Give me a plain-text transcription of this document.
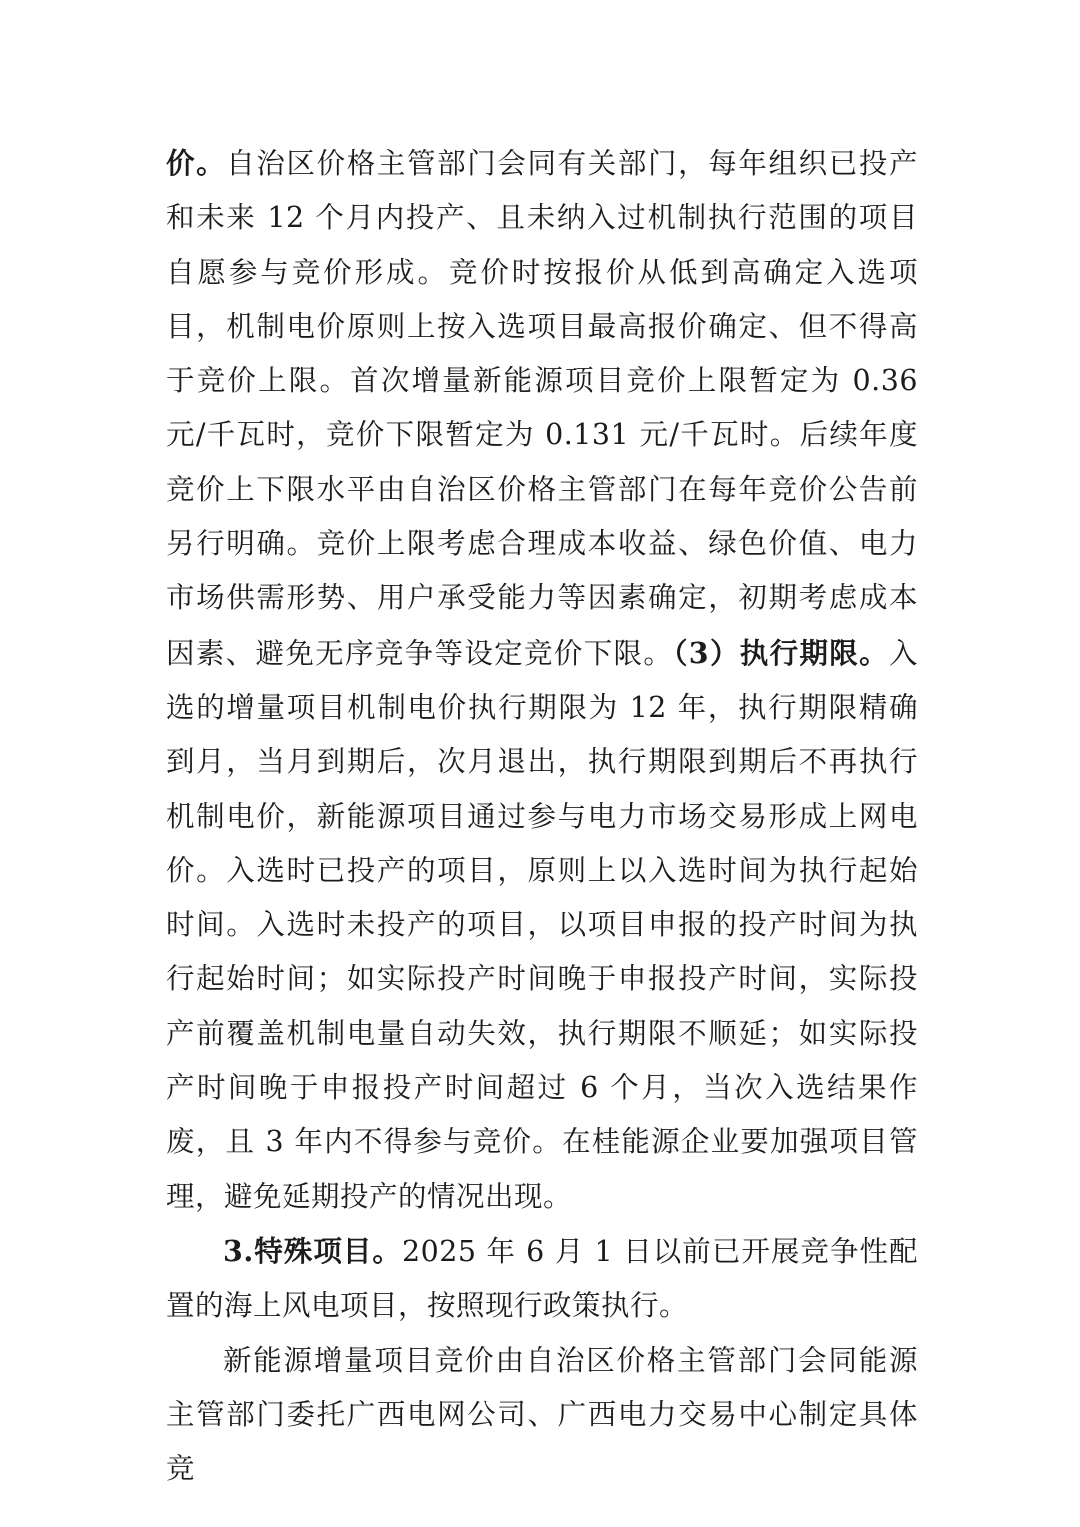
价。自治区价格主管部门会同有关部门，每年组织已投产和未来 12 个月内投产、且未纳入过机制执行范围的项目自愿参与竞价形成。竞价时按报价从低到高确定入选项目，机制电价原则上按入选项目最高报价确定、但不得高于竞价上限。首次增量新能源项目竞价上限暂定为 0.36 元/千瓦时，竞价下限暂定为 0.131 元/千瓦时。后续年度竞价上下限水平由自治区价格主管部门在每年竞价公告前另行明确。竞价上限考虑合理成本收益、绿色价值、电力市场供需形势、用户承受能力等因素确定，初期考虑成本因素、避免无序竞争等设定竞价下限。（3）执行期限。入选的增量项目机制电价执行期限为 12 年，执行期限精确到月，当月到期后，次月退出，执行期限到期后不再执行机制电价，新能源项目通过参与电力市场交易形成上网电价。入选时已投产的项目，原则上以入选时间为执行起始时间。入选时未投产的项目，以项目申报的投产时间为执行起始时间；如实际投产时间晚于申报投产时间，实际投产前覆盖机制电量自动失效，执行期限不顺延；如实际投产时间晚于申报投产时间超过 6 个月，当次入选结果作废，且 3 年内不得参与竞价。在桂能源企业要加强项目管理，避免延期投产的情况出现。

3.特殊项目。2025 年 6 月 1 日以前已开展竞争性配置的海上风电项目，按照现行政策执行。

新能源增量项目竞价由自治区价格主管部门会同能源主管部门委托广西电网公司、广西电力交易中心制定具体竞
